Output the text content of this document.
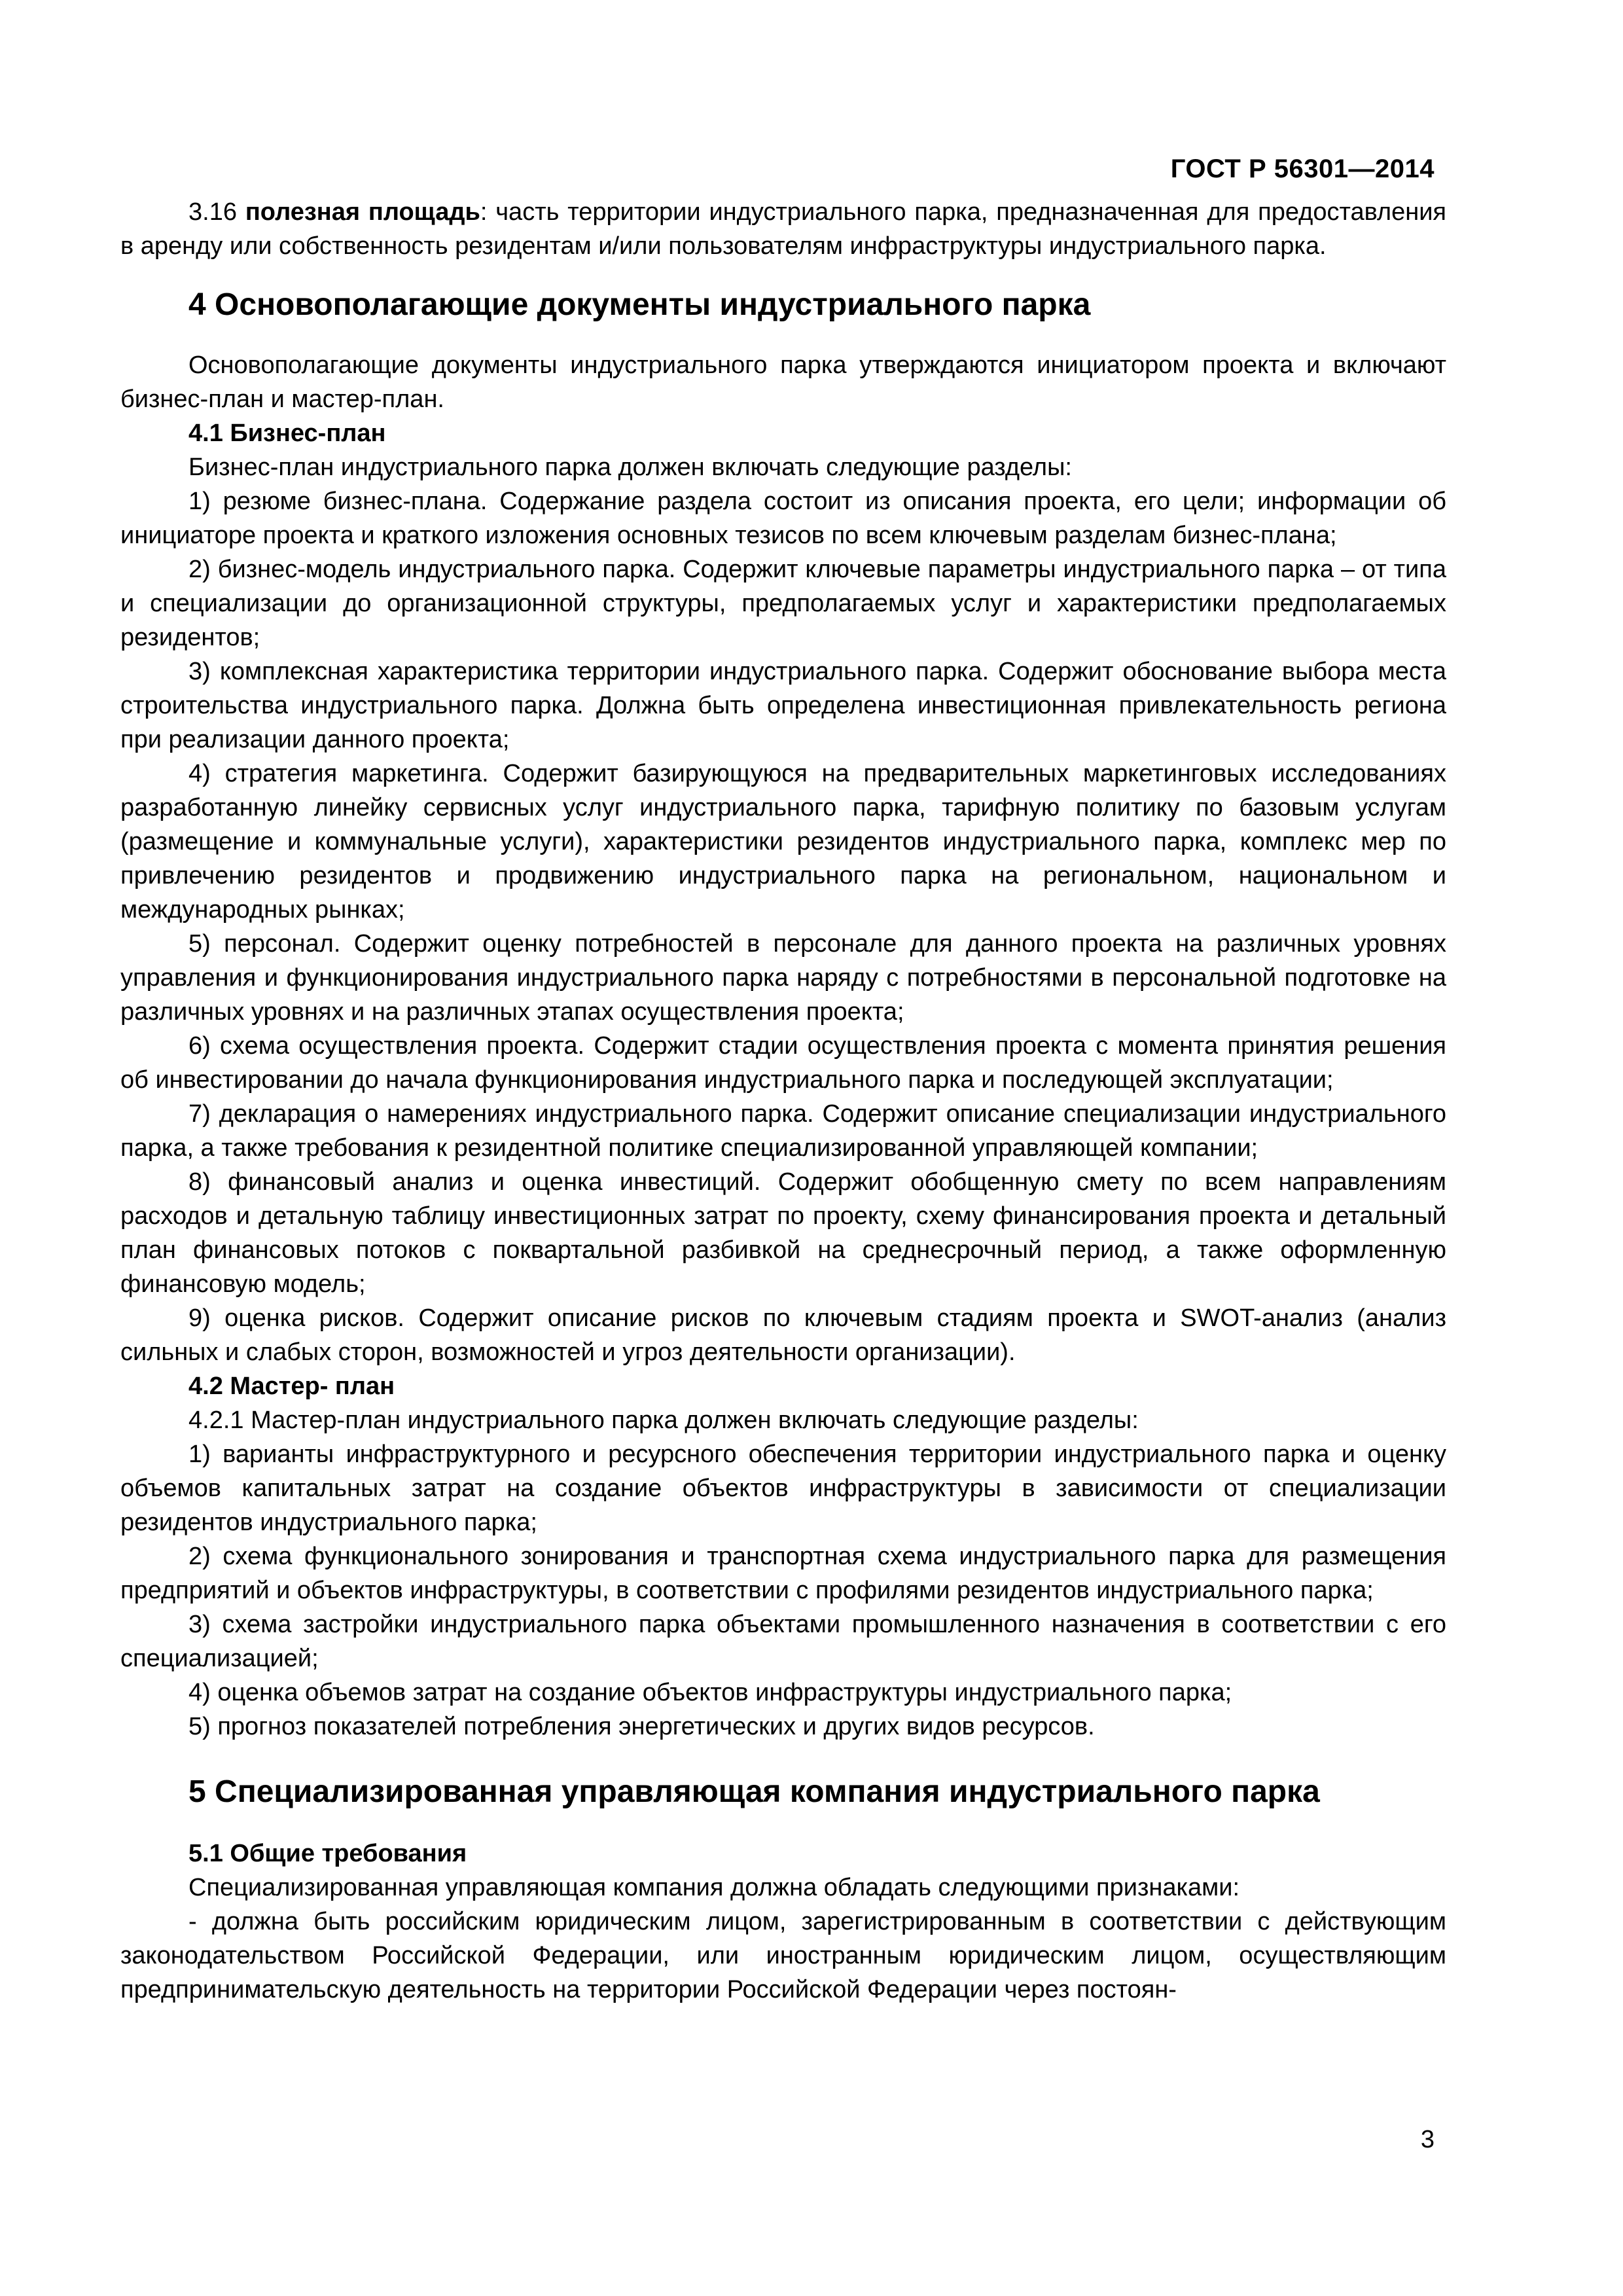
ГОСТ Р 56301—2014

3.16 полезная площадь: часть территории индустриального парка, предназначенная для предоставления в аренду или собственность резидентам и/или пользователям инфраструктуры индустриального парка.

4 Основополагающие документы индустриального парка

Основополагающие документы индустриального парка утверждаются инициатором проекта и включают бизнес-план и мастер-план.

4.1 Бизнес-план

Бизнес-план индустриального парка должен включать следующие разделы:

1) резюме бизнес-плана. Содержание раздела состоит из описания проекта, его цели; информации об инициаторе проекта и краткого изложения основных тезисов по всем ключевым разделам бизнес-плана;

2) бизнес-модель индустриального парка. Содержит ключевые параметры индустриального парка – от типа и специализации до организационной структуры, предполагаемых услуг и характеристики предполагаемых резидентов;

3) комплексная характеристика территории индустриального парка. Содержит обоснование выбора места строительства индустриального парка. Должна быть определена инвестиционная привлекательность региона при реализации данного проекта;

4) стратегия маркетинга. Содержит базирующуюся на предварительных маркетинговых исследованиях разработанную линейку сервисных услуг индустриального парка, тарифную политику по базовым услугам (размещение и коммунальные услуги), характеристики резидентов индустриального парка, комплекс мер по привлечению резидентов и продвижению индустриального парка на региональном, национальном и международных рынках;

5) персонал. Содержит оценку потребностей в персонале для данного проекта на различных уровнях управления и функционирования индустриального парка наряду с потребностями в персональной подготовке на различных уровнях и на различных этапах осуществления проекта;

6) схема осуществления проекта. Содержит стадии осуществления проекта с момента принятия решения об инвестировании до начала функционирования индустриального парка и последующей эксплуатации;

7) декларация о намерениях индустриального парка. Содержит описание специализации индустриального парка, а также требования к резидентной политике специализированной управляющей компании;

8) финансовый анализ и оценка инвестиций. Содержит обобщенную смету по всем направлениям расходов и детальную таблицу инвестиционных затрат по проекту, схему финансирования проекта и детальный план финансовых потоков с поквартальной разбивкой на среднесрочный период, а также оформленную финансовую модель;

9) оценка рисков. Содержит описание рисков по ключевым стадиям проекта и SWOT-анализ (анализ сильных и слабых сторон, возможностей и угроз деятельности организации).

4.2 Мастер- план

4.2.1 Мастер-план индустриального парка должен включать следующие разделы:

1) варианты инфраструктурного и ресурсного обеспечения территории индустриального парка и оценку объемов капитальных затрат на создание объектов инфраструктуры в зависимости от специализации резидентов индустриального парка;

2) схема функционального зонирования и транспортная схема индустриального парка для размещения предприятий и объектов инфраструктуры, в соответствии с профилями резидентов индустриального парка;

3) схема застройки индустриального парка объектами промышленного назначения в соответствии с его специализацией;

4) оценка объемов затрат на создание объектов инфраструктуры индустриального парка;

5) прогноз показателей потребления энергетических и других видов ресурсов.

5 Специализированная управляющая компания индустриального парка

5.1 Общие требования

Специализированная управляющая компания должна обладать следующими признаками:

- должна быть российским юридическим лицом, зарегистрированным в соответствии с действующим законодательством Российской Федерации, или иностранным юридическим лицом, осуществляющим предпринимательскую деятельность на территории Российской Федерации через постоян-

3
